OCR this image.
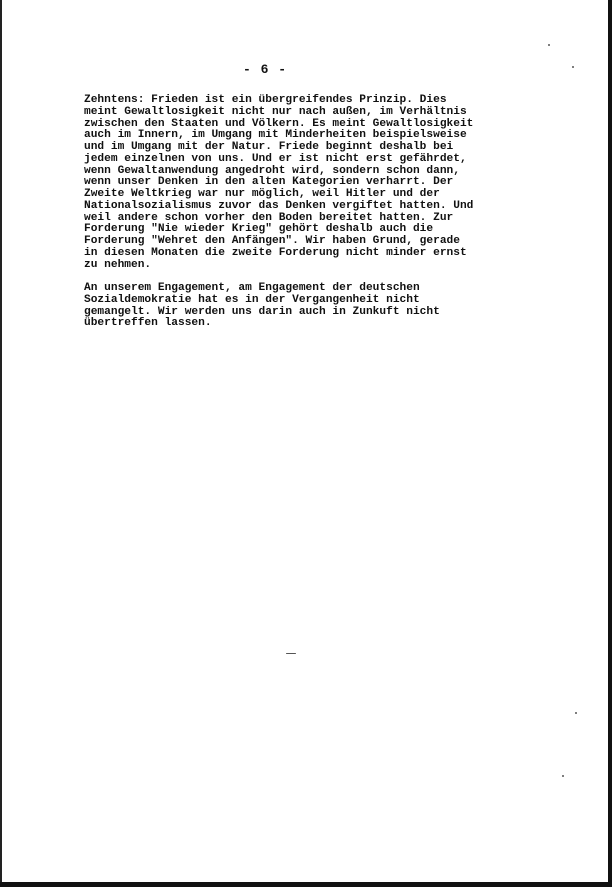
- 6 -
Zehntens: Frieden ist ein übergreifendes Prinzip. Dies
meint Gewaltlosigkeit nicht nur nach außen, im Verhältnis
zwischen den Staaten und Völkern. Es meint Gewaltlosigkeit
auch im Innern, im Umgang mit Minderheiten beispielsweise
und im Umgang mit der Natur. Friede beginnt deshalb bei
jedem einzelnen von uns. Und er ist nicht erst gefährdet,
wenn Gewaltanwendung angedroht wird, sondern schon dann,
wenn unser Denken in den alten Kategorien verharrt. Der
Zweite Weltkrieg war nur möglich, weil Hitler und der
Nationalsozialismus zuvor das Denken vergiftet hatten. Und
weil andere schon vorher den Boden bereitet hatten. Zur
Forderung "Nie wieder Krieg" gehört deshalb auch die
Forderung "Wehret den Anfängen". Wir haben Grund, gerade
in diesen Monaten die zweite Forderung nicht minder ernst
zu nehmen.
An unserem Engagement, am Engagement der deutschen
Sozialdemokratie hat es in der Vergangenheit nicht
gemangelt. Wir werden uns darin auch in Zunkuft nicht
übertreffen lassen.
